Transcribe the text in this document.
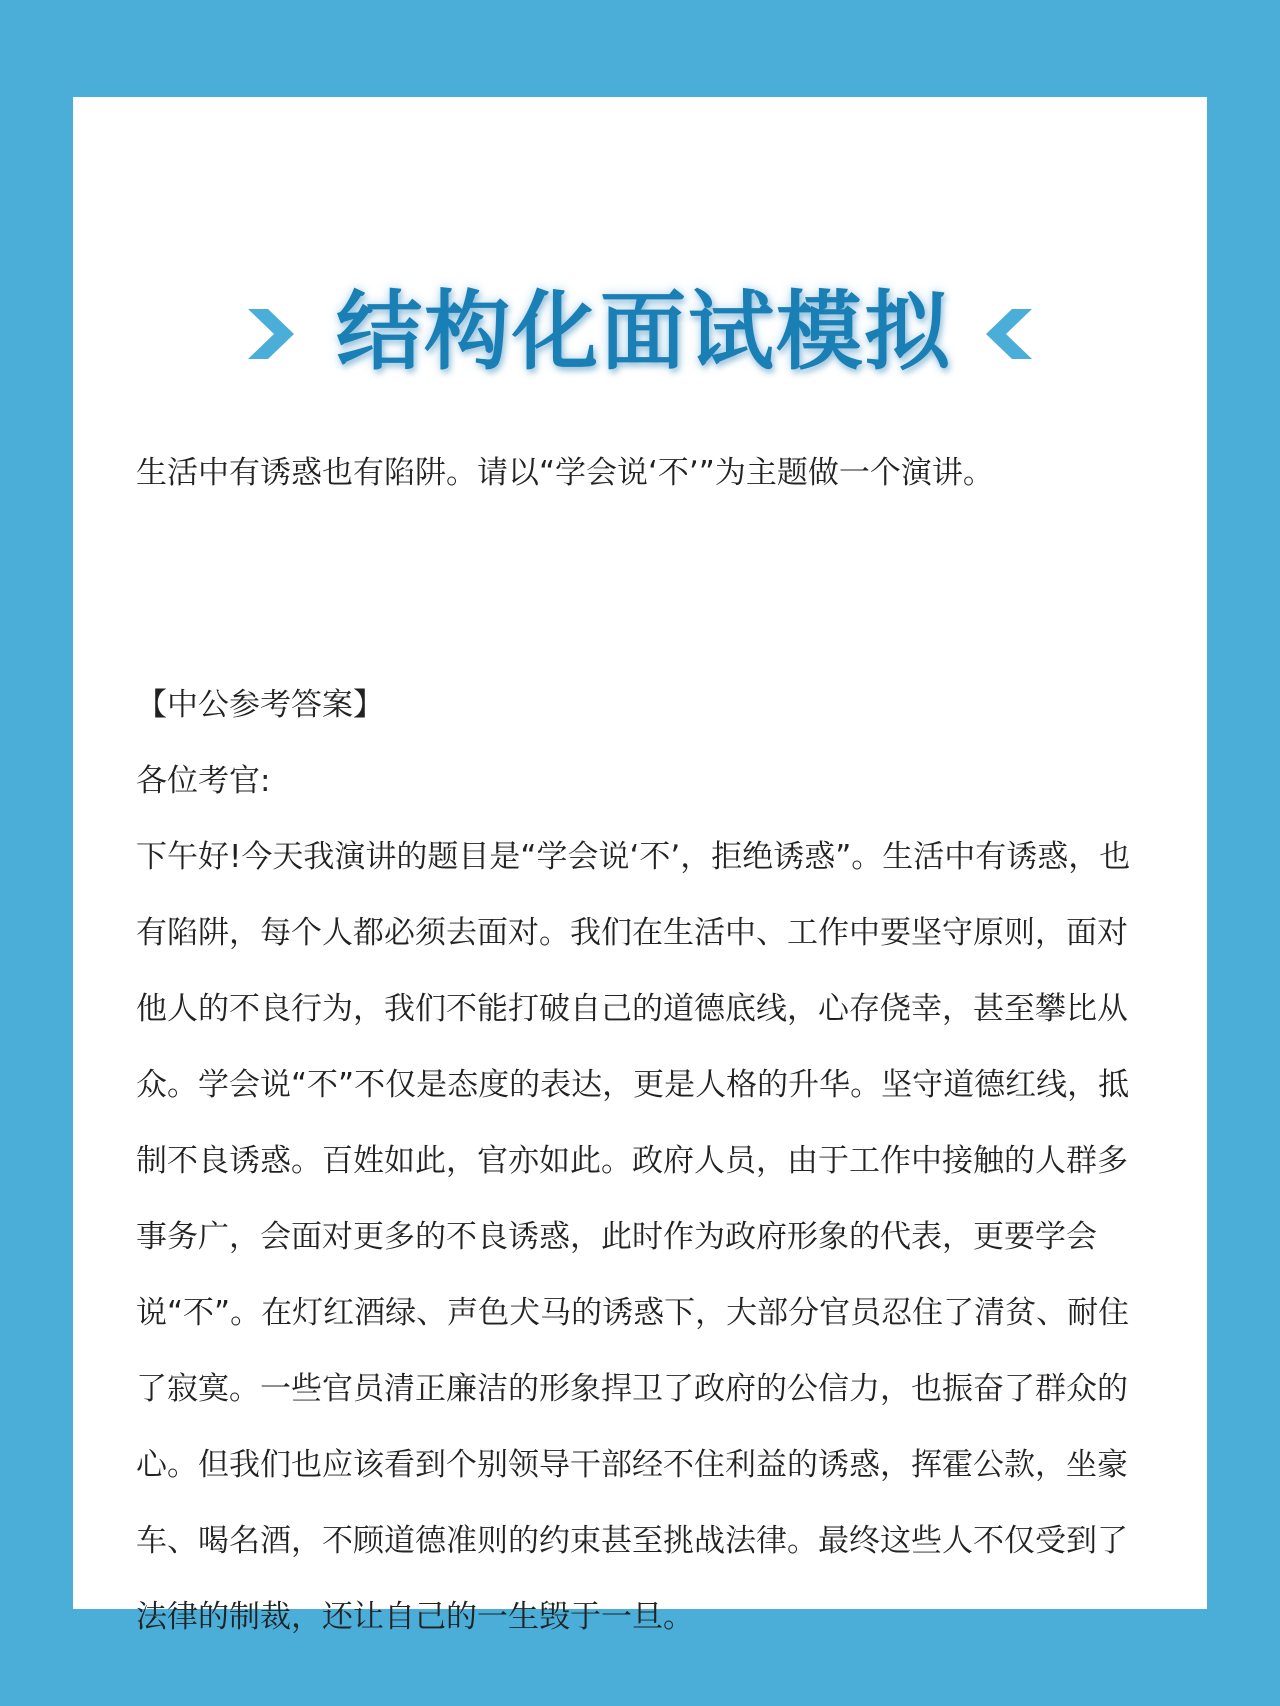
结构化面试模拟

生活中有诱惑也有陷阱。请以“学会说‘不’”为主题做一个演讲。

【中公参考答案】
各位考官:

下午好!今天我演讲的题目是“学会说‘不’，拒绝诱惑”。生活中有诱惑，也有陷阱，每个人都必须去面对。我们在生活中、工作中要坚守原则，面对他人的不良行为，我们不能打破自己的道德底线，心存侥幸，甚至攀比从众。学会说“不”不仅是态度的表达，更是人格的升华。坚守道德红线，抵制不良诱惑。百姓如此，官亦如此。政府人员，由于工作中接触的人群多事务广，会面对更多的不良诱惑，此时作为政府形象的代表，更要学会说“不”。在灯红酒绿、声色犬马的诱惑下，大部分官员忍住了清贫、耐住了寂寞。一些官员清正廉洁的形象捍卫了政府的公信力，也振奋了群众的心。但我们也应该看到个别领导干部经不住利益的诱惑，挥霍公款，坐豪车、喝名酒，不顾道德准则的约束甚至挑战法律。最终这些人不仅受到了法律的制裁，还让自己的一生毁于一旦。
